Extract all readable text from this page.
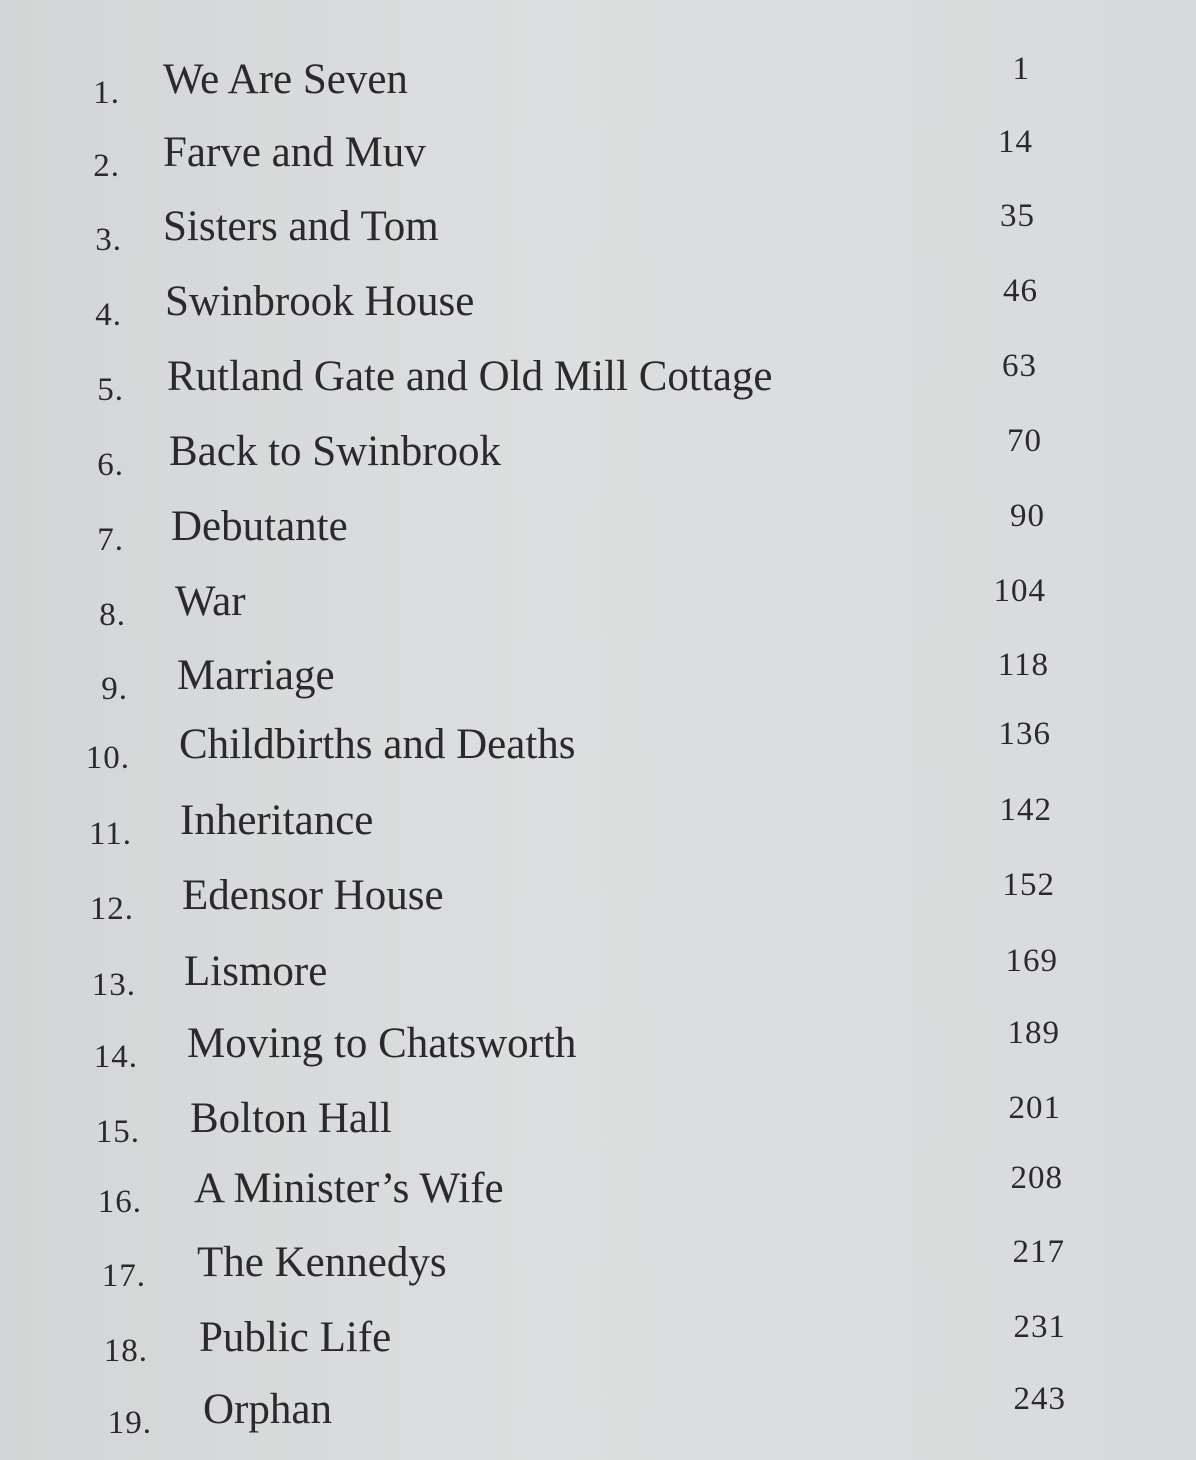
1. We Are Seven	1
2. Farve and Muv	14
3. Sisters and Tom	35
4. Swinbrook House	46
5. Rutland Gate and Old Mill Cottage	63
6. Back to Swinbrook	70
7. Debutante	90
8. War	104
9. Marriage	118
10. Childbirths and Deaths	136
11. Inheritance	142
12. Edensor House	152
13. Lismore	169
14. Moving to Chatsworth	189
15. Bolton Hall	201
16. A Minister’s Wife	208
17. The Kennedys	217
18. Public Life	231
19. Orphan	243
